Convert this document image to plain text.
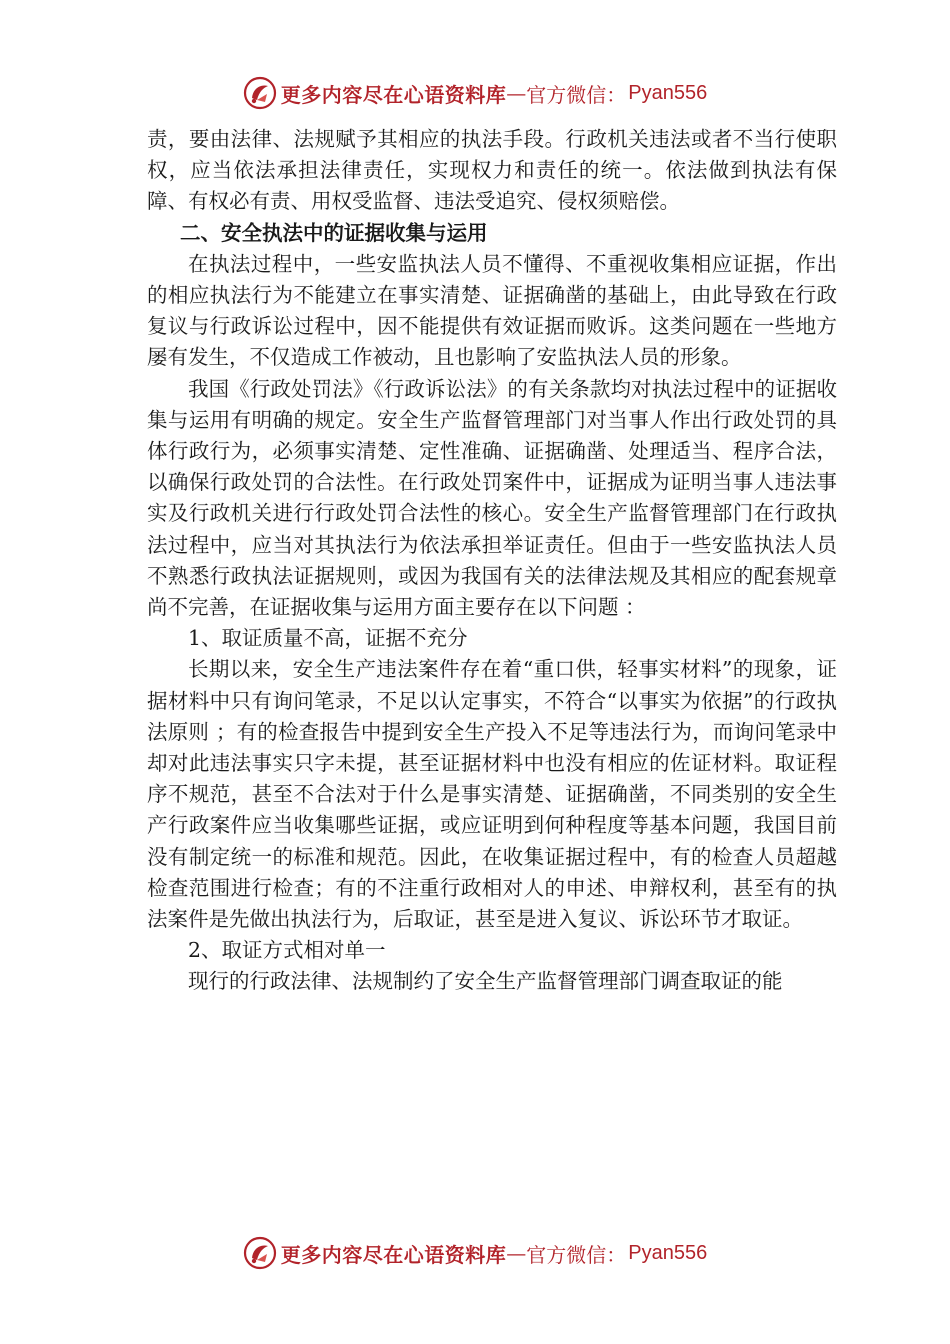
更多内容尽在心语资料库 — 官方微信： Pyan556

责，要由法律、法规赋予其相应的执法手段。行政机关违法或者不当行使职权，应当依法承担法律责任，实现权力和责任的统一。依法做到执法有保障、有权必有责、用权受监督、违法受追究、侵权须赔偿。

二、安全执法中的证据收集与运用

在执法过程中，一些安监执法人员不懂得、不重视收集相应证据，作出的相应执法行为不能建立在事实清楚、证据确凿的基础上，由此导致在行政复议与行政诉讼过程中，因不能提供有效证据而败诉。这类问题在一些地方屡有发生，不仅造成工作被动，且也影响了安监执法人员的形象。

我国《行政处罚法》《行政诉讼法》的有关条款均对执法过程中的证据收集与运用有明确的规定。安全生产监督管理部门对当事人作出行政处罚的具体行政行为，必须事实清楚、定性准确、证据确凿、处理适当、程序合法，以确保行政处罚的合法性。在行政处罚案件中，证据成为证明当事人违法事实及行政机关进行行政处罚合法性的核心。安全生产监督管理部门在行政执法过程中，应当对其执法行为依法承担举证责任。但由于一些安监执法人员不熟悉行政执法证据规则，或因为我国有关的法律法规及其相应的配套规章尚不完善，在证据收集与运用方面主要存在以下问题 ：

1、取证质量不高，证据不充分

长期以来，安全生产违法案件存在着“重口供，轻事实材料”的现象，证据材料中只有询问笔录，不足以认定事实，不符合“以事实为依据”的行政执法原则 ；有的检查报告中提到安全生产投入不足等违法行为，而询问笔录中却对此违法事实只字未提，甚至证据材料中也没有相应的佐证材料。取证程序不规范，甚至不合法对于什么是事实清楚、证据确凿，不同类别的安全生产行政案件应当收集哪些证据，或应证明到何种程度等基本问题，我国目前没有制定统一的标准和规范。因此，在收集证据过程中，有的检查人员超越检查范围进行检查；有的不注重行政相对人的申述、申辩权利，甚至有的执法案件是先做出执法行为，后取证，甚至是进入复议、诉讼环节才取证。

2、取证方式相对单一

现行的行政法律、法规制约了安全生产监督管理部门调查取证的能

更多内容尽在心语资料库 — 官方微信： Pyan556
